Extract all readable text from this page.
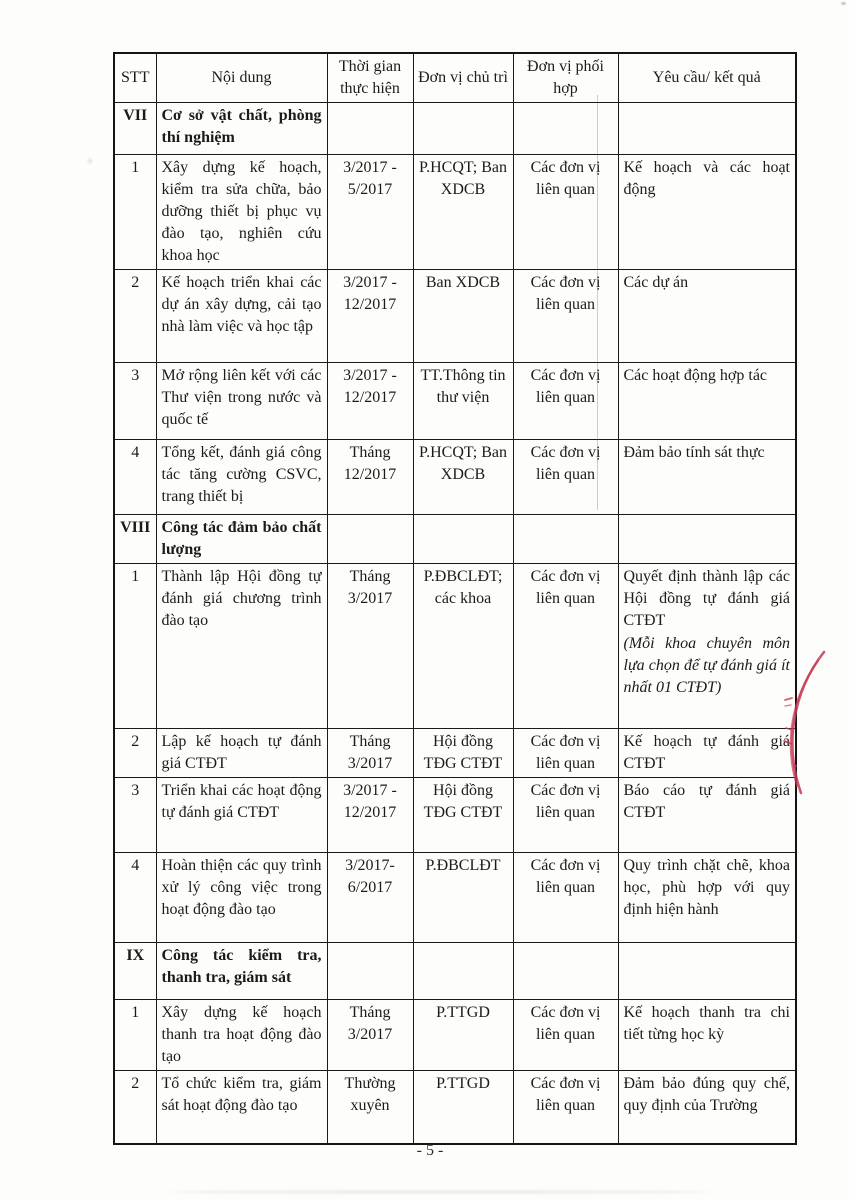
STT	Nội dung	Thời gian thực hiện	Đơn vị chủ trì	Đơn vị phối hợp	Yêu cầu/ kết quả
VII	Cơ sở vật chất, phòng thí nghiệm				
1	Xây dựng kế hoạch, kiểm tra sửa chữa, bảo dưỡng thiết bị phục vụ đào tạo, nghiên cứu khoa học	3/2017 - 5/2017	P.HCQT; Ban XDCB	Các đơn vị liên quan	Kế hoạch và các hoạt động
2	Kế hoạch triển khai các dự án xây dựng, cải tạo nhà làm việc và học tập	3/2017 - 12/2017	Ban XDCB	Các đơn vị liên quan	Các dự án
3	Mở rộng liên kết với các Thư viện trong nước và quốc tế	3/2017 - 12/2017	TT.Thông tin thư viện	Các đơn vị liên quan	Các hoạt động hợp tác
4	Tổng kết, đánh giá công tác tăng cường CSVC, trang thiết bị	Tháng 12/2017	P.HCQT; Ban XDCB	Các đơn vị liên quan	Đảm bảo tính sát thực
VIII	Công tác đảm bảo chất lượng				
1	Thành lập Hội đồng tự đánh giá chương trình đào tạo	Tháng 3/2017	P.ĐBCLĐT; các khoa	Các đơn vị liên quan	Quyết định thành lập các Hội đồng tự đánh giá CTĐT
(Mỗi khoa chuyên môn lựa chọn để tự đánh giá ít nhất 01 CTĐT)

2	Lập kế hoạch tự đánh giá CTĐT	Tháng 3/2017	Hội đồng TĐG CTĐT	Các đơn vị liên quan	Kế hoạch tự đánh giá CTĐT
3	Triển khai các hoạt động tự đánh giá CTĐT	3/2017 - 12/2017	Hội đồng TĐG CTĐT	Các đơn vị liên quan	Báo cáo tự đánh giá CTĐT
4	Hoàn thiện các quy trình xử lý công việc trong hoạt động đào tạo	3/2017- 6/2017	P.ĐBCLĐT	Các đơn vị liên quan	Quy trình chặt chẽ, khoa học, phù hợp với quy định hiện hành
IX	Công tác kiểm tra, thanh tra, giám sát				
1	Xây dựng kế hoạch thanh tra hoạt động đào tạo	Tháng 3/2017	P.TTGD	Các đơn vị liên quan	Kế hoạch thanh tra chi tiết từng học kỳ
2	Tổ chức kiểm tra, giám sát hoạt động đào tạo	Thường xuyên	P.TTGD	Các đơn vị liên quan	Đảm bảo đúng quy chế, quy định của Trường
- 5 -
